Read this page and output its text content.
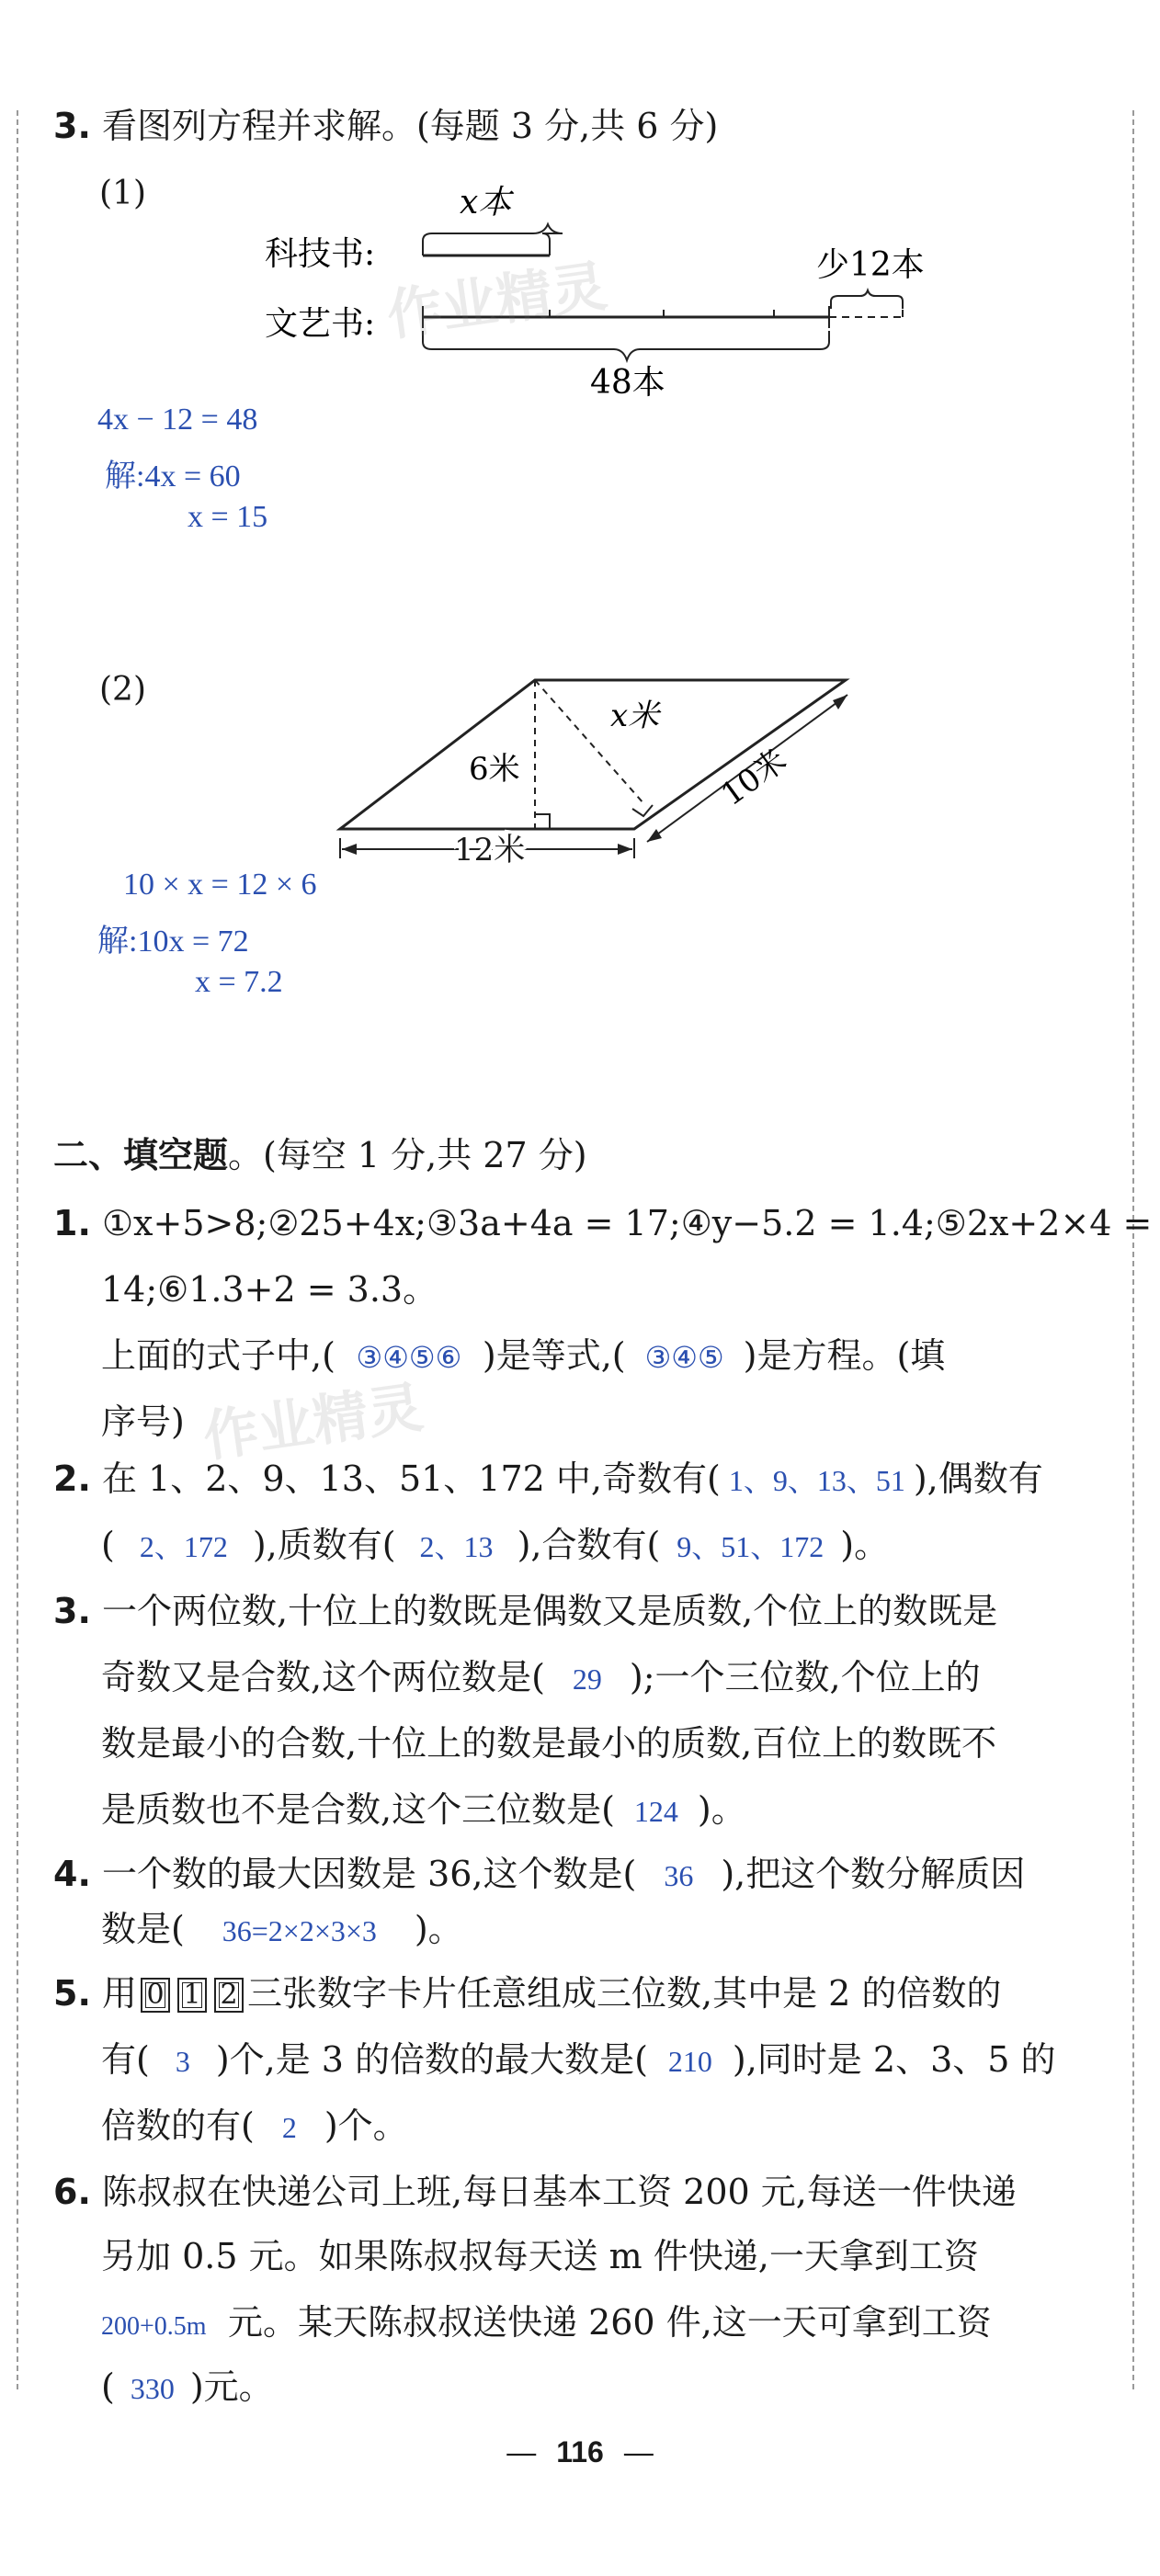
3. 看图列方程并求解。(每题 3 分,共 6 分)
(1)
科技书:
文艺书:
x本
少12本
48本
4x − 12 = 48
解:4x = 60
x = 15
(2)
6米
x米
12米
10米
10 × x = 12 × 6
解:10x = 72
x = 7.2
二、填空题。(每空 1 分,共 27 分)
1. ①x+5>8;②25+4x;③3a+4a = 17;④y−5.2 = 1.4;⑤2x+2×4 =
14;⑥1.3+2 = 3.3。
上面的式子中,( ③④⑤⑥ )是等式,( ③④⑤ )是方程。(填
序号)
2. 在 1、2、9、13、51、172 中,奇数有( 1、9、13、51 ),偶数有
( 2、172 ),质数有( 2、13 ),合数有( 9、51、172 )。
3. 一个两位数,十位上的数既是偶数又是质数,个位上的数既是
奇数又是合数,这个两位数是( 29 );一个三位数,个位上的
数是最小的合数,十位上的数是最小的质数,百位上的数既不
是质数也不是合数,这个三位数是( 124 )。
4. 一个数的最大因数是 36,这个数是( 36 ),把这个数分解质因
数是( 36=2×2×3×3 )。
5. 用 0 1 2 三张数字卡片任意组成三位数,其中是 2 的倍数的
有( 3 )个,是 3 的倍数的最大数是( 210 ),同时是 2、3、5 的
倍数的有( 2 )个。
6. 陈叔叔在快递公司上班,每日基本工资 200 元,每送一件快递
另加 0.5 元。如果陈叔叔每天送 m 件快递,一天拿到工资
200+0.5m 元。某天陈叔叔送快递 260 件,这一天可拿到工资
( 330 )元。
作业精灵
作业精灵
— 116 —
